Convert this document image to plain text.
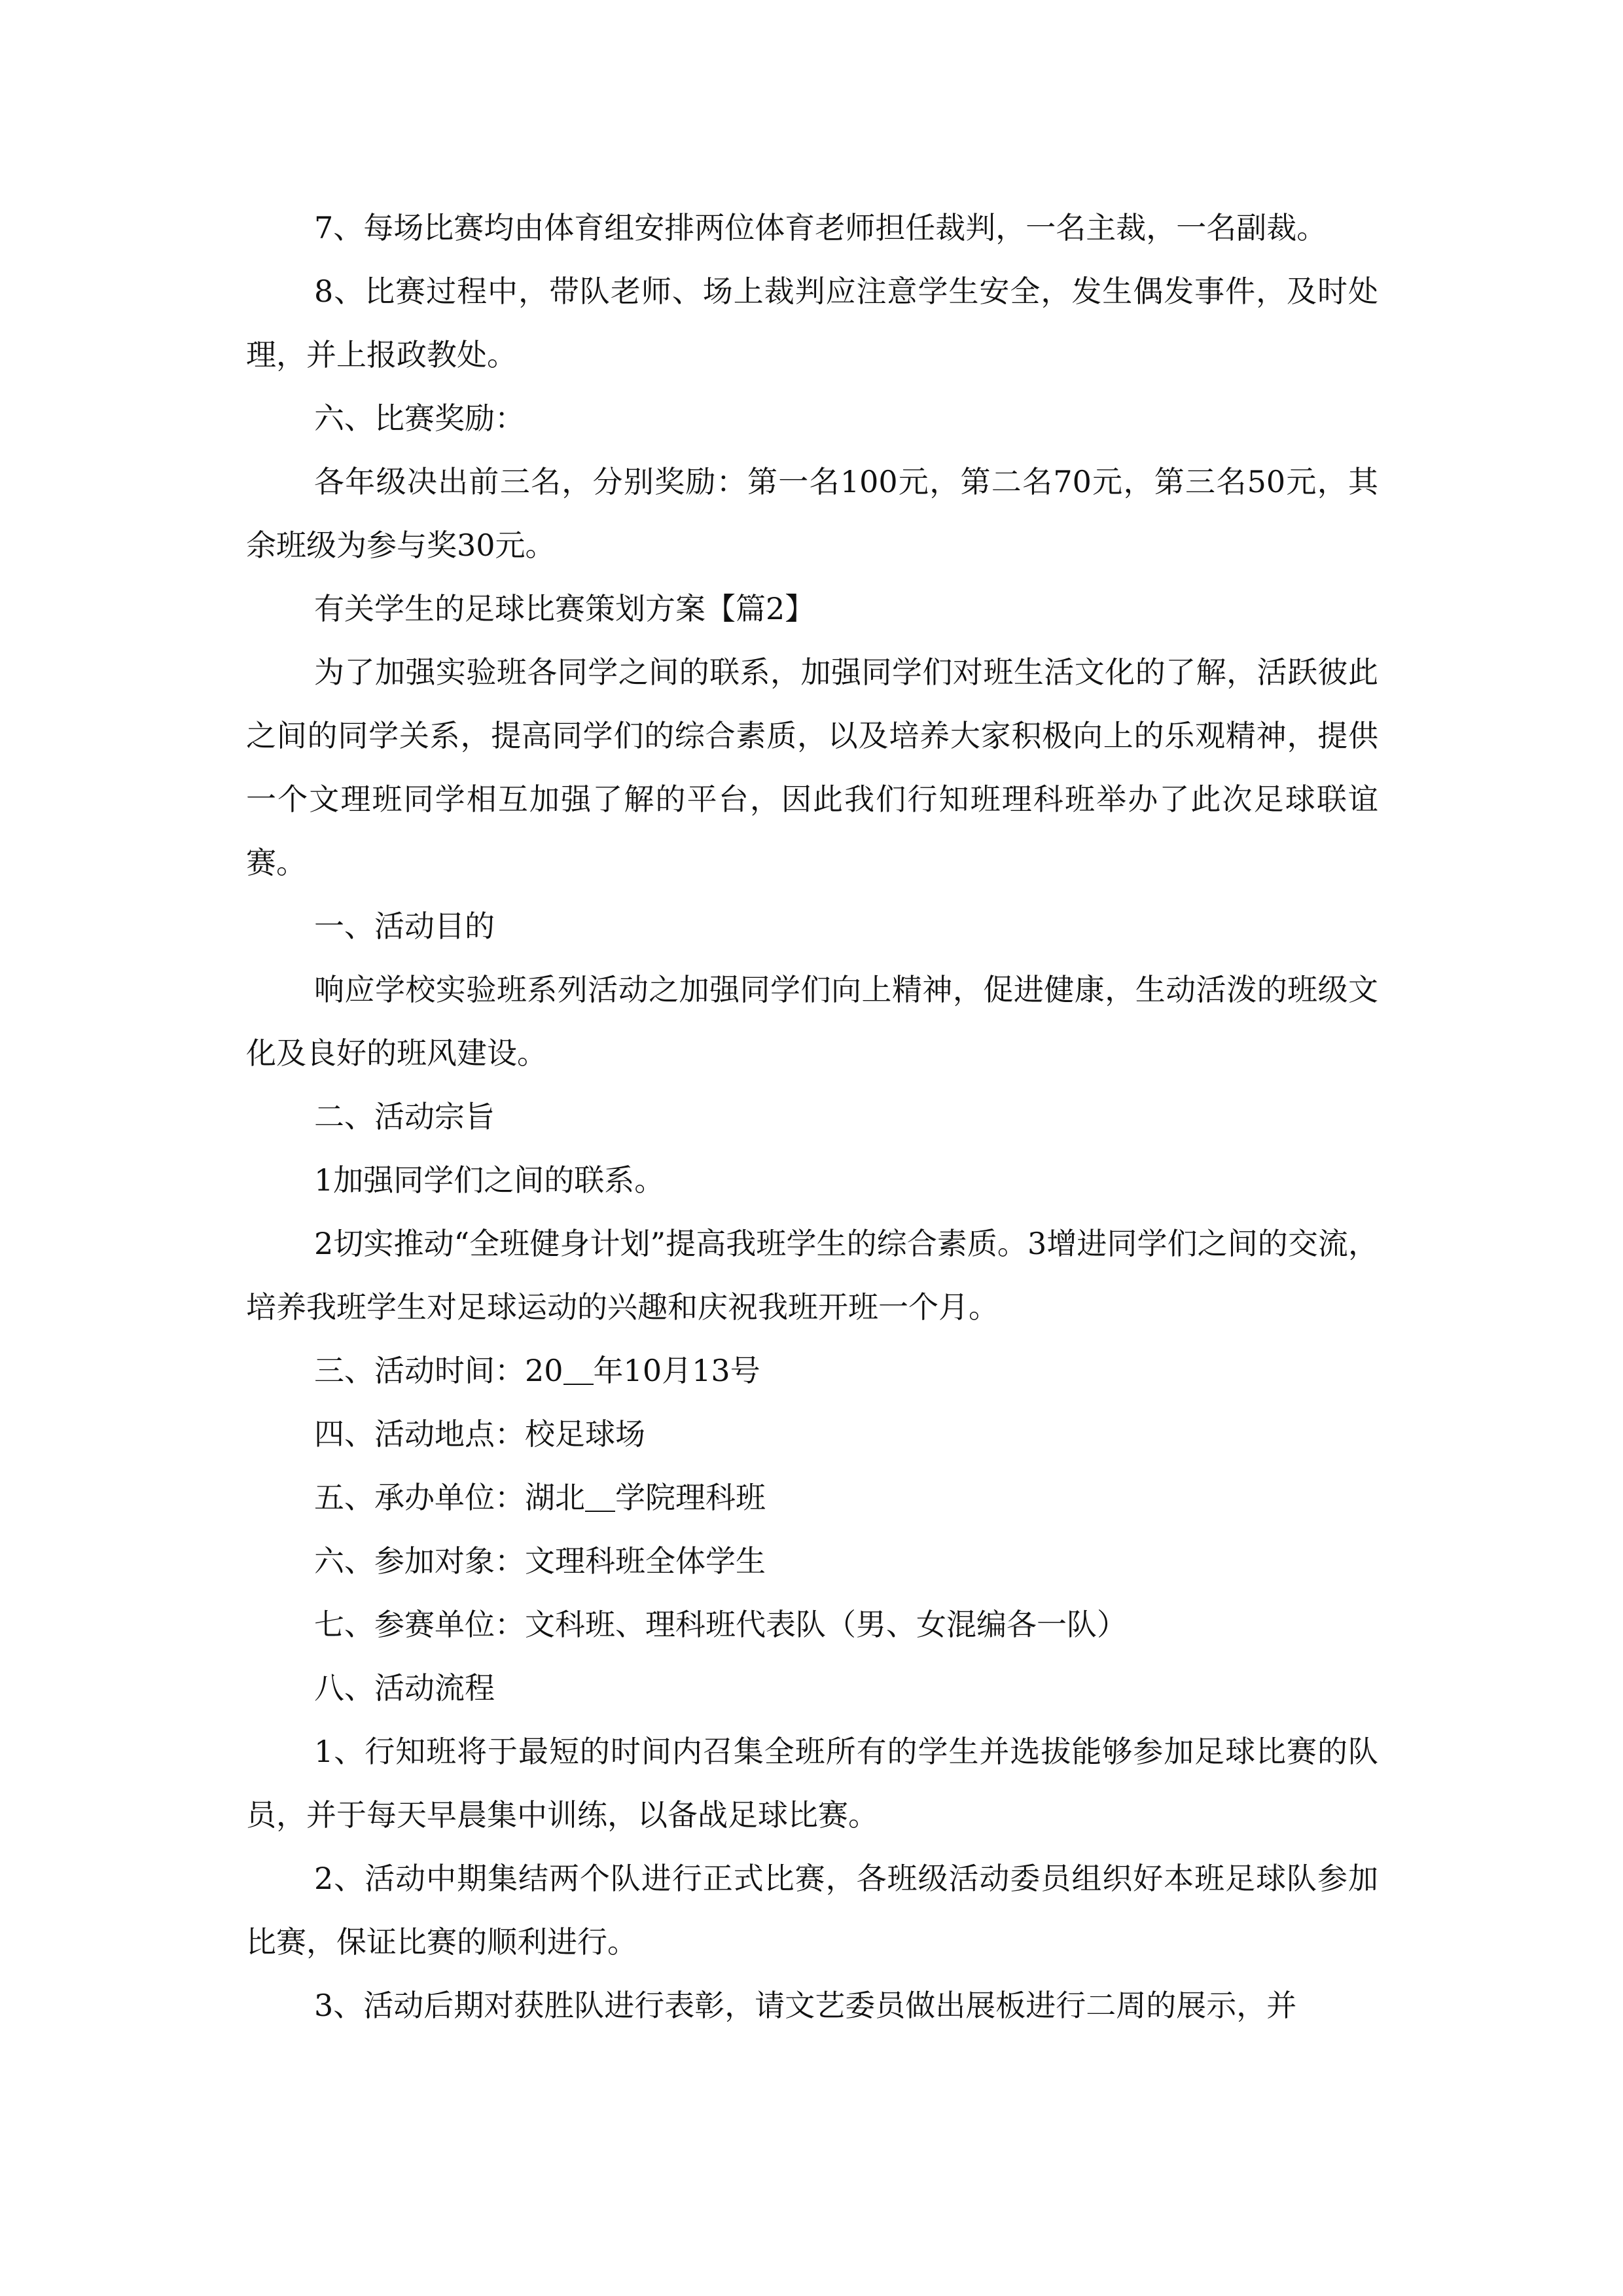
7、每场比赛均由体育组安排两位体育老师担任裁判，一名主裁，一名副裁。

8、比赛过程中，带队老师、场上裁判应注意学生安全，发生偶发事件，及时处理，并上报政教处。

六、比赛奖励：

各年级决出前三名，分别奖励：第一名100元，第二名70元，第三名50元，其余班级为参与奖30元。

有关学生的足球比赛策划方案【篇2】

为了加强实验班各同学之间的联系，加强同学们对班生活文化的了解，活跃彼此之间的同学关系，提高同学们的综合素质，以及培养大家积极向上的乐观精神，提供一个文理班同学相互加强了解的平台，因此我们行知班理科班举办了此次足球联谊赛。

一、活动目的

响应学校实验班系列活动之加强同学们向上精神，促进健康，生动活泼的班级文化及良好的班风建设。

二、活动宗旨

1加强同学们之间的联系。

2切实推动“全班健身计划”提高我班学生的综合素质。3增进同学们之间的交流，培养我班学生对足球运动的兴趣和庆祝我班开班一个月。

三、活动时间：20 年10月13号

四、活动地点：校足球场

五、承办单位：湖北 学院理科班

六、参加对象：文理科班全体学生

七、参赛单位：文科班、理科班代表队（男、女混编各一队）

八、活动流程

1、行知班将于最短的时间内召集全班所有的学生并选拔能够参加足球比赛的队员，并于每天早晨集中训练，以备战足球比赛。

2、活动中期集结两个队进行正式比赛，各班级活动委员组织好本班足球队参加比赛，保证比赛的顺利进行。

3、活动后期对获胜队进行表彰，请文艺委员做出展板进行二周的展示，并
